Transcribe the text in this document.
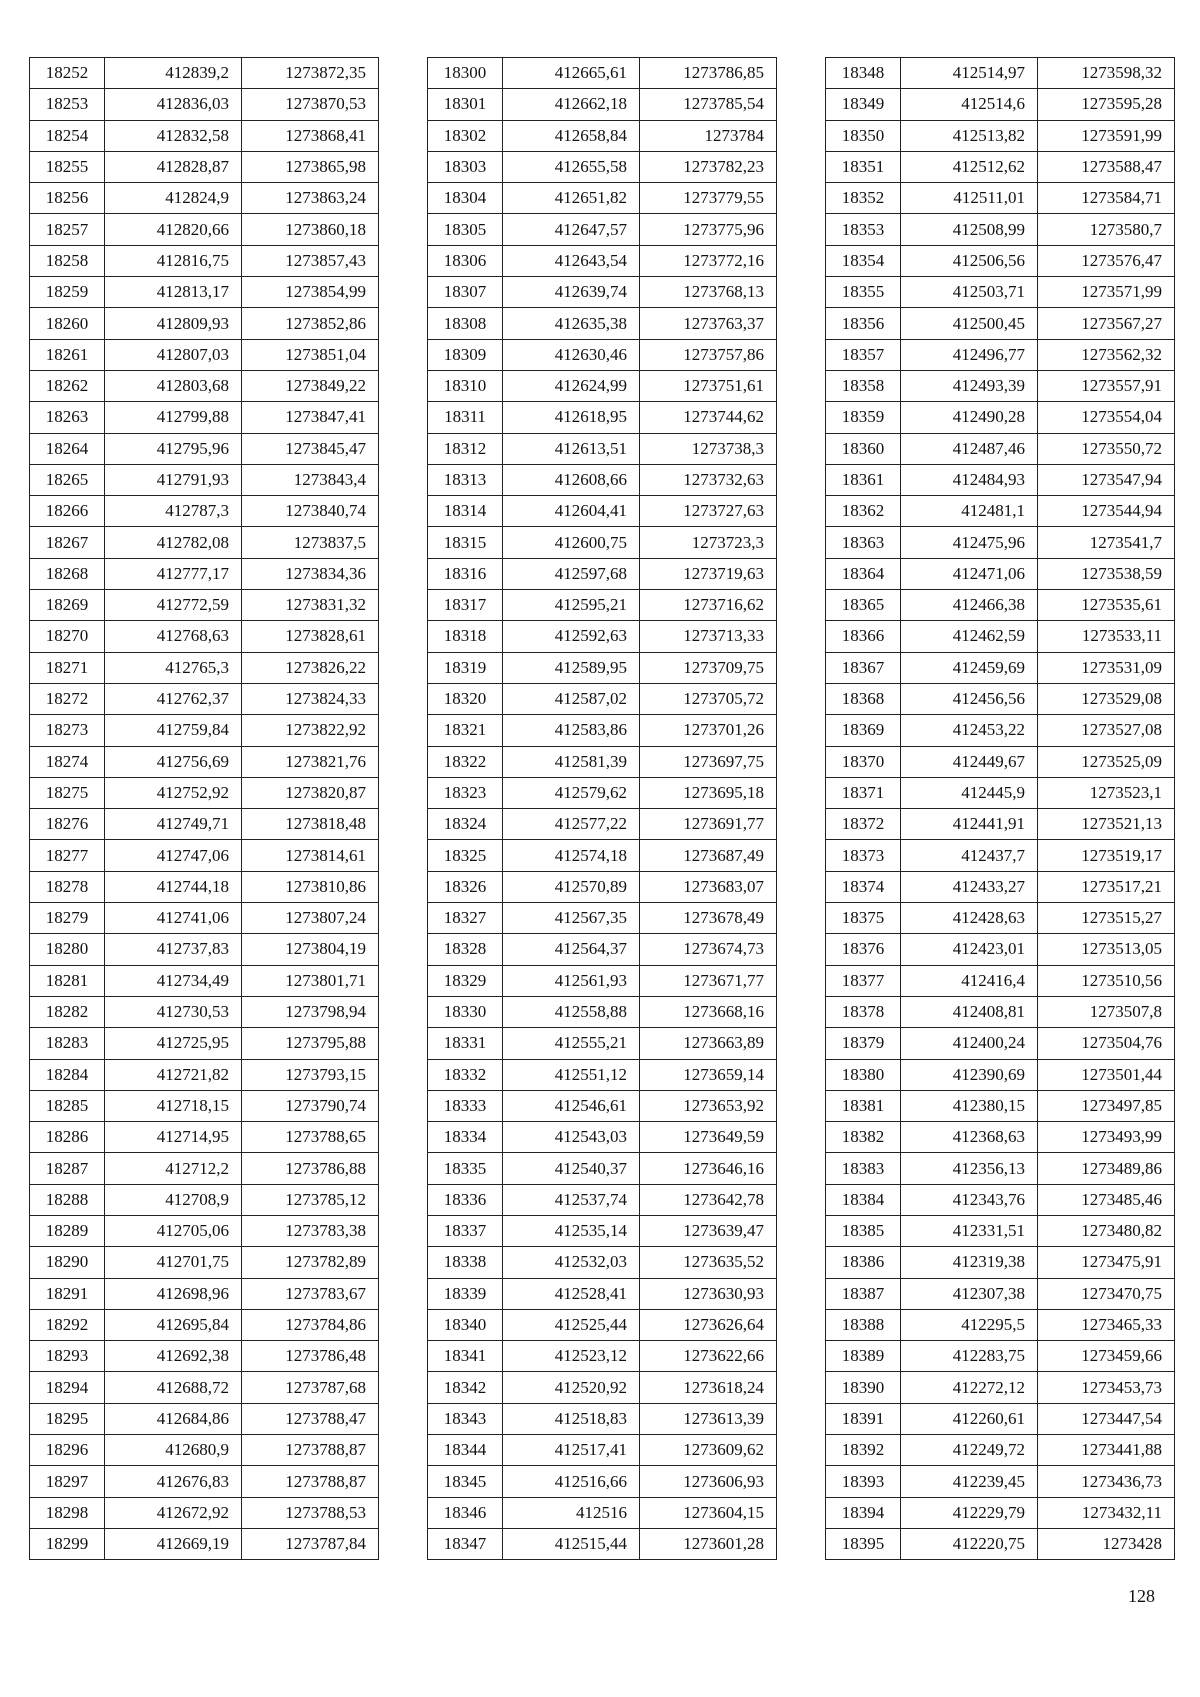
18252	412839,2	1273872,35
18253	412836,03	1273870,53
18254	412832,58	1273868,41
18255	412828,87	1273865,98
18256	412824,9	1273863,24
18257	412820,66	1273860,18
18258	412816,75	1273857,43
18259	412813,17	1273854,99
18260	412809,93	1273852,86
18261	412807,03	1273851,04
18262	412803,68	1273849,22
18263	412799,88	1273847,41
18264	412795,96	1273845,47
18265	412791,93	1273843,4
18266	412787,3	1273840,74
18267	412782,08	1273837,5
18268	412777,17	1273834,36
18269	412772,59	1273831,32
18270	412768,63	1273828,61
18271	412765,3	1273826,22
18272	412762,37	1273824,33
18273	412759,84	1273822,92
18274	412756,69	1273821,76
18275	412752,92	1273820,87
18276	412749,71	1273818,48
18277	412747,06	1273814,61
18278	412744,18	1273810,86
18279	412741,06	1273807,24
18280	412737,83	1273804,19
18281	412734,49	1273801,71
18282	412730,53	1273798,94
18283	412725,95	1273795,88
18284	412721,82	1273793,15
18285	412718,15	1273790,74
18286	412714,95	1273788,65
18287	412712,2	1273786,88
18288	412708,9	1273785,12
18289	412705,06	1273783,38
18290	412701,75	1273782,89
18291	412698,96	1273783,67
18292	412695,84	1273784,86
18293	412692,38	1273786,48
18294	412688,72	1273787,68
18295	412684,86	1273788,47
18296	412680,9	1273788,87
18297	412676,83	1273788,87
18298	412672,92	1273788,53
18299	412669,19	1273787,84
18300	412665,61	1273786,85
18301	412662,18	1273785,54
18302	412658,84	1273784
18303	412655,58	1273782,23
18304	412651,82	1273779,55
18305	412647,57	1273775,96
18306	412643,54	1273772,16
18307	412639,74	1273768,13
18308	412635,38	1273763,37
18309	412630,46	1273757,86
18310	412624,99	1273751,61
18311	412618,95	1273744,62
18312	412613,51	1273738,3
18313	412608,66	1273732,63
18314	412604,41	1273727,63
18315	412600,75	1273723,3
18316	412597,68	1273719,63
18317	412595,21	1273716,62
18318	412592,63	1273713,33
18319	412589,95	1273709,75
18320	412587,02	1273705,72
18321	412583,86	1273701,26
18322	412581,39	1273697,75
18323	412579,62	1273695,18
18324	412577,22	1273691,77
18325	412574,18	1273687,49
18326	412570,89	1273683,07
18327	412567,35	1273678,49
18328	412564,37	1273674,73
18329	412561,93	1273671,77
18330	412558,88	1273668,16
18331	412555,21	1273663,89
18332	412551,12	1273659,14
18333	412546,61	1273653,92
18334	412543,03	1273649,59
18335	412540,37	1273646,16
18336	412537,74	1273642,78
18337	412535,14	1273639,47
18338	412532,03	1273635,52
18339	412528,41	1273630,93
18340	412525,44	1273626,64
18341	412523,12	1273622,66
18342	412520,92	1273618,24
18343	412518,83	1273613,39
18344	412517,41	1273609,62
18345	412516,66	1273606,93
18346	412516	1273604,15
18347	412515,44	1273601,28
18348	412514,97	1273598,32
18349	412514,6	1273595,28
18350	412513,82	1273591,99
18351	412512,62	1273588,47
18352	412511,01	1273584,71
18353	412508,99	1273580,7
18354	412506,56	1273576,47
18355	412503,71	1273571,99
18356	412500,45	1273567,27
18357	412496,77	1273562,32
18358	412493,39	1273557,91
18359	412490,28	1273554,04
18360	412487,46	1273550,72
18361	412484,93	1273547,94
18362	412481,1	1273544,94
18363	412475,96	1273541,7
18364	412471,06	1273538,59
18365	412466,38	1273535,61
18366	412462,59	1273533,11
18367	412459,69	1273531,09
18368	412456,56	1273529,08
18369	412453,22	1273527,08
18370	412449,67	1273525,09
18371	412445,9	1273523,1
18372	412441,91	1273521,13
18373	412437,7	1273519,17
18374	412433,27	1273517,21
18375	412428,63	1273515,27
18376	412423,01	1273513,05
18377	412416,4	1273510,56
18378	412408,81	1273507,8
18379	412400,24	1273504,76
18380	412390,69	1273501,44
18381	412380,15	1273497,85
18382	412368,63	1273493,99
18383	412356,13	1273489,86
18384	412343,76	1273485,46
18385	412331,51	1273480,82
18386	412319,38	1273475,91
18387	412307,38	1273470,75
18388	412295,5	1273465,33
18389	412283,75	1273459,66
18390	412272,12	1273453,73
18391	412260,61	1273447,54
18392	412249,72	1273441,88
18393	412239,45	1273436,73
18394	412229,79	1273432,11
18395	412220,75	1273428
128
